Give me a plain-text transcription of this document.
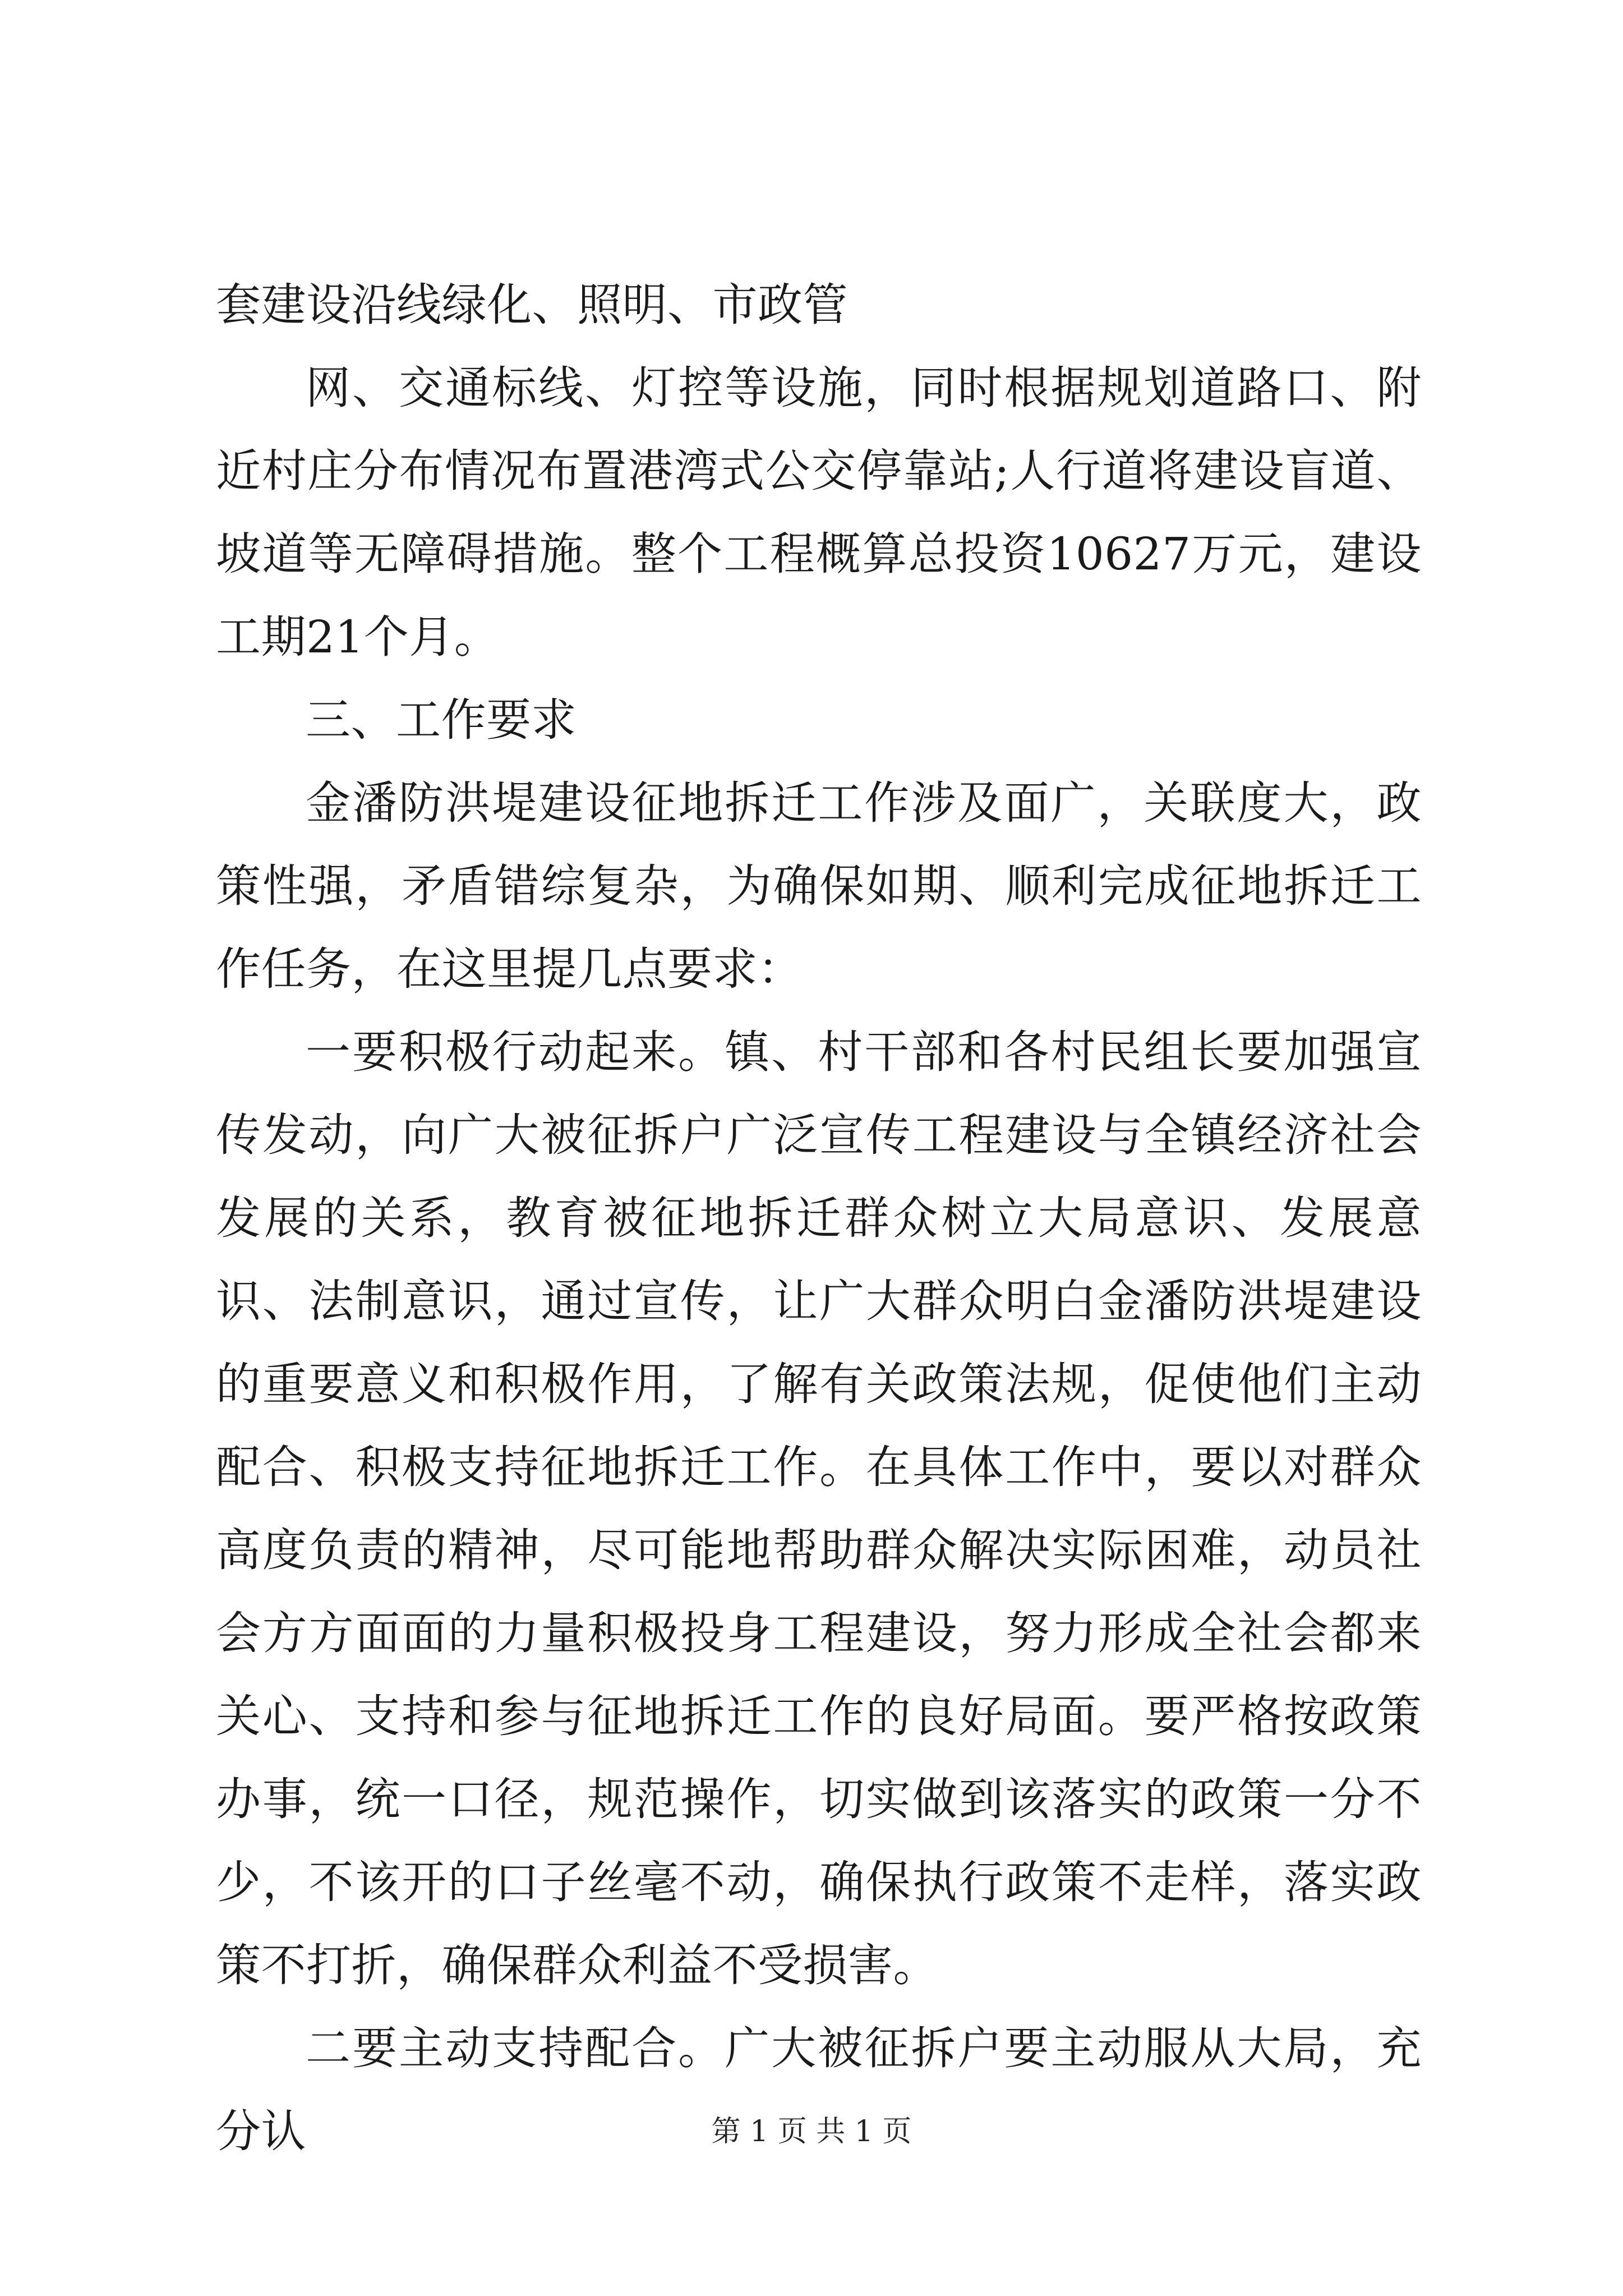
套建设沿线绿化、照明、市政管

网、交通标线、灯控等设施，同时根据规划道路口、附近村庄分布情况布置港湾式公交停靠站;人行道将建设盲道、坡道等无障碍措施。整个工程概算总投资10627万元，建设工期21个月。

三、工作要求

金潘防洪堤建设征地拆迁工作涉及面广，关联度大，政策性强，矛盾错综复杂，为确保如期、顺利完成征地拆迁工作任务，在这里提几点要求：

一要积极行动起来。镇、村干部和各村民组长要加强宣传发动，向广大被征拆户广泛宣传工程建设与全镇经济社会发展的关系，教育被征地拆迁群众树立大局意识、发展意识、法制意识，通过宣传，让广大群众明白金潘防洪堤建设的重要意义和积极作用，了解有关政策法规，促使他们主动配合、积极支持征地拆迁工作。在具体工作中，要以对群众高度负责的精神，尽可能地帮助群众解决实际困难，动员社会方方面面的力量积极投身工程建设，努力形成全社会都来关心、支持和参与征地拆迁工作的良好局面。要严格按政策办事，统一口径，规范操作，切实做到该落实的政策一分不少，不该开的口子丝毫不动，确保执行政策不走样，落实政策不打折，确保群众利益不受损害。

二要主动支持配合。广大被征拆户要主动服从大局，充分认	第 1 页 共 1 页
